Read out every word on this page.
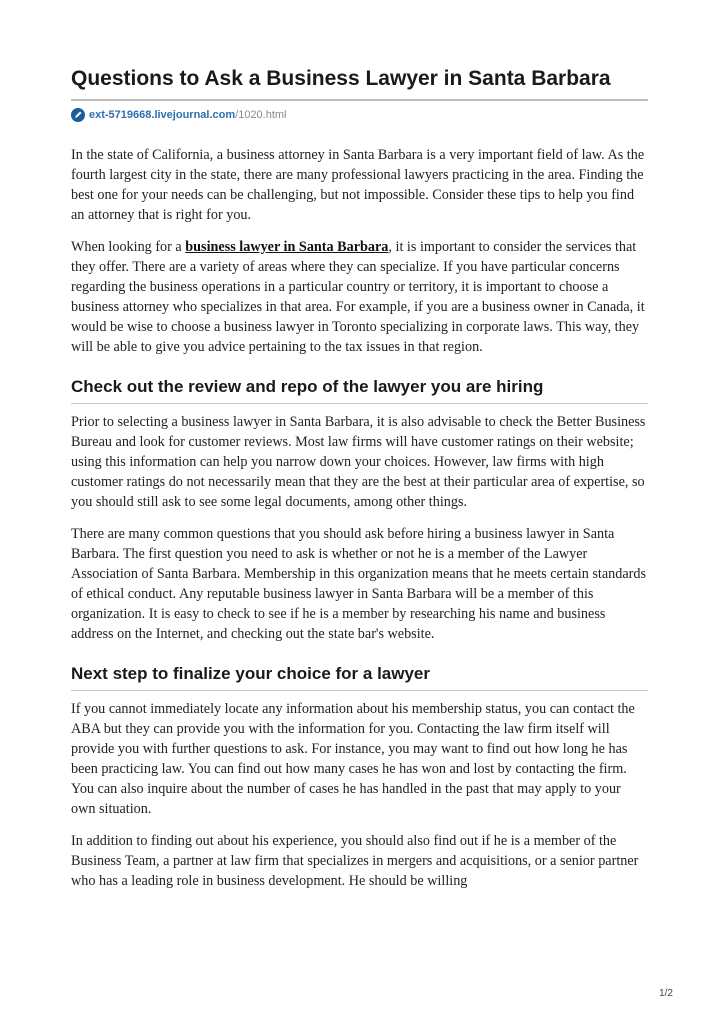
Questions to Ask a Business Lawyer in Santa Barbara
ext-5719668.livejournal.com /1020.html

In the state of California, a business attorney in Santa Barbara is a very important field of law. As the fourth largest city in the state, there are many professional lawyers practicing in the area. Finding the best one for your needs can be challenging, but not impossible. Consider these tips to help you find an attorney that is right for you.

When looking for a business lawyer in Santa Barbara, it is important to consider the services that they offer. There are a variety of areas where they can specialize. If you have particular concerns regarding the business operations in a particular country or territory, it is important to choose a business attorney who specializes in that area. For example, if you are a business owner in Canada, it would be wise to choose a business lawyer in Toronto specializing in corporate laws. This way, they will be able to give you advice pertaining to the tax issues in that region.

Check out the review and repo of the lawyer you are hiring

Prior to selecting a business lawyer in Santa Barbara, it is also advisable to check the Better Business Bureau and look for customer reviews. Most law firms will have customer ratings on their website; using this information can help you narrow down your choices. However, law firms with high customer ratings do not necessarily mean that they are the best at their particular area of expertise, so you should still ask to see some legal documents, among other things.

There are many common questions that you should ask before hiring a business lawyer in Santa Barbara. The first question you need to ask is whether or not he is a member of the Lawyer Association of Santa Barbara. Membership in this organization means that he meets certain standards of ethical conduct. Any reputable business lawyer in Santa Barbara will be a member of this organization. It is easy to check to see if he is a member by researching his name and business address on the Internet, and checking out the state bar's website.

Next step to finalize your choice for a lawyer

If you cannot immediately locate any information about his membership status, you can contact the ABA but they can provide you with the information for you. Contacting the law firm itself will provide you with further questions to ask. For instance, you may want to find out how long he has been practicing law. You can find out how many cases he has won and lost by contacting the firm. You can also inquire about the number of cases he has handled in the past that may apply to your own situation.

In addition to finding out about his experience, you should also find out if he is a member of the Business Team, a partner at law firm that specializes in mergers and acquisitions, or a senior partner who has a leading role in business development. He should be willing

1/2
